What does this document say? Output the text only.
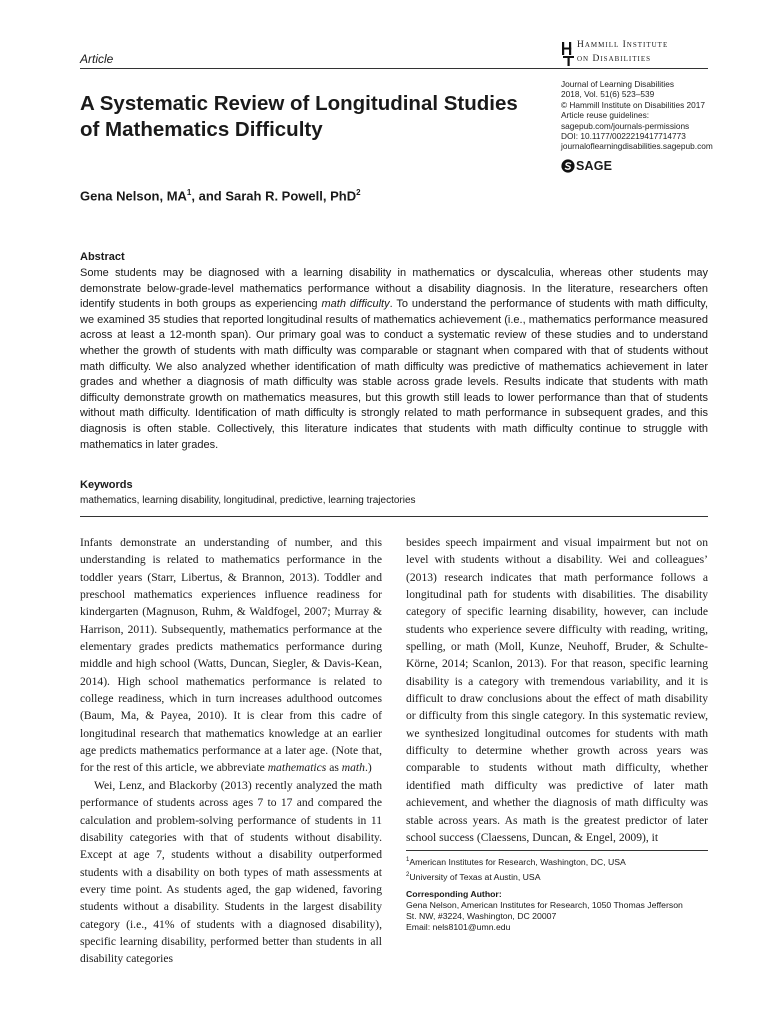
Article
Hammill Institute
on Disabilities
Journal of Learning Disabilities
2018, Vol. 51(6) 523–539
© Hammill Institute on Disabilities 2017
Article reuse guidelines:
sagepub.com/journals-permissions
DOI: 10.1177/0022219417714773
journaloflearningdisabilities.sagepub.com
SAGE
A Systematic Review of Longitudinal Studies of Mathematics Difficulty
Gena Nelson, $MA^1$, and Sarah R. Powell, PhD$^2$
Abstract
Some students may be diagnosed with a learning disability in mathematics or dyscalculia, whereas other students may demonstrate below-grade-level mathematics performance without a disability diagnosis. In the literature, researchers often identify students in both groups as experiencing math difficulty. To understand the performance of students with math difficulty, we examined 35 studies that reported longitudinal results of mathematics achievement (i.e., mathematics performance measured across at least a 12-month span). Our primary goal was to conduct a systematic review of these studies and to understand whether the growth of students with math difficulty was comparable or stagnant when compared with that of students without math difficulty. We also analyzed whether identification of math difficulty was predictive of mathematics achievement in later grades and whether a diagnosis of math difficulty was stable across grade levels. Results indicate that students with math difficulty demonstrate growth on mathematics measures, but this growth still leads to lower performance than that of students without math difficulty. Identification of math difficulty is strongly related to math performance in subsequent grades, and this diagnosis is often stable. Collectively, this literature indicates that students with math difficulty continue to struggle with mathematics in later grades.
Keywords
mathematics, learning disability, longitudinal, predictive, learning trajectories

Infants demonstrate an understanding of number, and this understanding is related to mathematics performance in the toddler years (Starr, Libertus, & Brannon, 2013). Toddler and preschool mathematics experiences influence readiness for kindergarten (Magnuson, Ruhm, & Waldfogel, 2007; Murray & Harrison, 2011). Subsequently, mathematics performance at the elementary grades predicts mathematics performance during middle and high school (Watts, Duncan, Siegler, & Davis-Kean, 2014). High school mathematics performance is related to college readiness, which in turn increases adulthood outcomes (Baum, Ma, & Payea, 2010). It is clear from this cadre of longitudinal research that mathematics knowledge at an earlier age predicts mathematics performance at a later age. (Note that, for the rest of this article, we abbreviate mathematics as math.)

Wei, Lenz, and Blackorby (2013) recently analyzed the math performance of students across ages 7 to 17 and compared the calculation and problem-solving performance of students in 11 disability categories with that of students without disability. Except at age 7, students without a disability outperformed students with a disability on both types of math assessments at every time point. As students aged, the gap widened, favoring students without a disability. Students in the largest disability category (i.e., 41% of students with a diagnosed disability), specific learning disability, performed better than students in all disability categories

besides speech impairment and visual impairment but not on level with students without a disability. Wei and colleagues’ (2013) research indicates that math performance follows a longitudinal path for students with disabilities. The disability category of specific learning disability, however, can include students who experience severe difficulty with reading, writing, spelling, or math (Moll, Kunze, Neuhoff, Bruder, & Schulte-Körne, 2014; Scanlon, 2013). For that reason, specific learning disability is a category with tremendous variability, and it is difficult to draw conclusions about the effect of math disability or difficulty from this single category. In this systematic review, we synthesized longitudinal outcomes for students with math difficulty to determine whether growth across years was comparable to students without math difficulty, whether identified math difficulty was predictive of later math achievement, and whether the diagnosis of math difficulty was stable across years. As math is the greatest predictor of later school success (Claessens, Duncan, & Engel, 2009), it

$^1$American Institutes for Research, Washington, DC, USA

$^2$University of Texas at Austin, USA

Corresponding Author:
Gena Nelson, American Institutes for Research, 1050 Thomas Jefferson
St. NW, #3224, Washington, DC 20007
Email: nels8101@umn.edu
